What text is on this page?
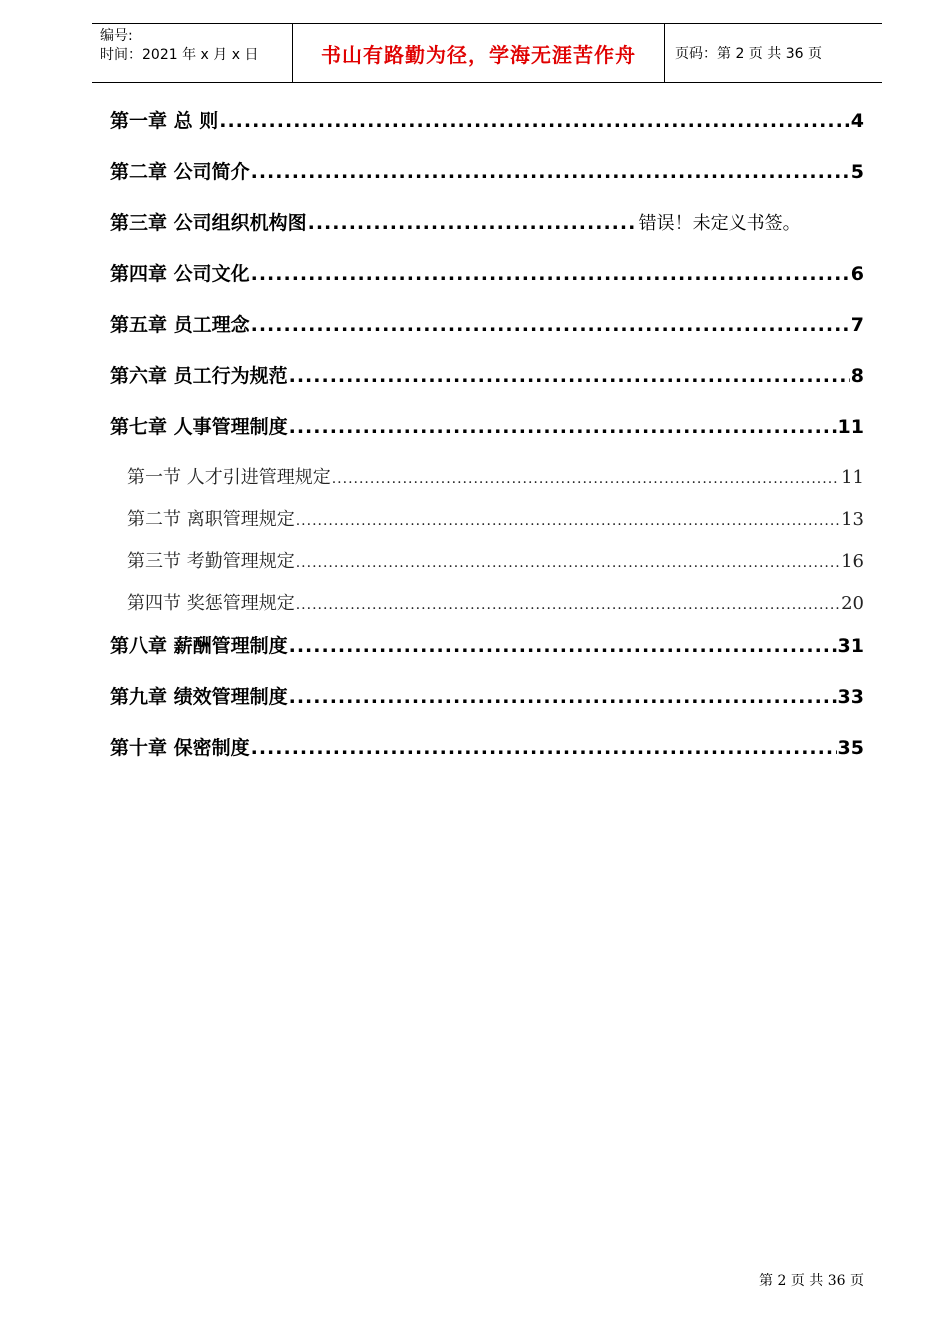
编号:
时间：2021 年 x 月 x 日	书山有路勤为径，学海无涯苦作舟	页码：第 2 页 共 36 页
第一章 总 则 .....	4
第二章 公司简介 .....	5
第三章 公司组织机构图 .....	错误！未定义书签。
第四章 公司文化 .....	6
第五章 员工理念 .....	7
第六章 员工行为规范 .....	8
第七章 人事管理制度 .....	11
第一节 人才引进管理规定 .....	11
第二节 离职管理规定 .....	13
第三节 考勤管理规定 .....	16
第四节 奖惩管理规定 .....	20
第八章 薪酬管理制度 .....	31
第九章 绩效管理制度 .....	33
第十章 保密制度 .....	35
第 2 页 共 36 页
